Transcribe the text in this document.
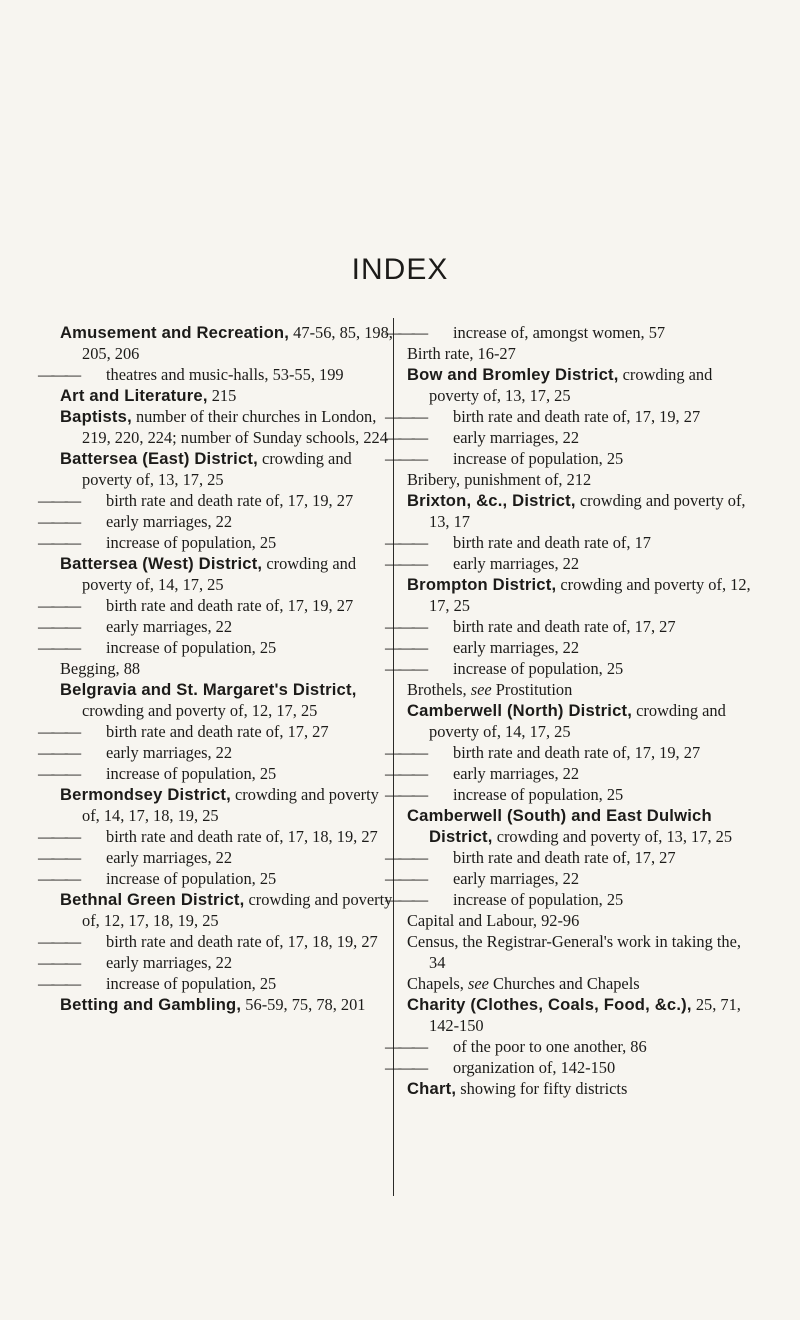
INDEX
Amusement and Recreation, 47-56, 85, 198, 205, 206
———theatres and music-halls, 53-55, 199
Art and Literature, 215
Baptists, number of their churches in London, 219, 220, 224; number of Sunday schools, 224
Battersea (East) District, crowding and poverty of, 13, 17, 25
———birth rate and death rate of, 17, 19, 27
———early marriages, 22
———increase of population, 25
Battersea (West) District, crowding and poverty of, 14, 17, 25
———birth rate and death rate of, 17, 19, 27
———early marriages, 22
———increase of population, 25
Begging, 88
Belgravia and St. Margaret's District, crowding and poverty of, 12, 17, 25
———birth rate and death rate of, 17, 27
———early marriages, 22
———increase of population, 25
Bermondsey District, crowding and poverty of, 14, 17, 18, 19, 25
———birth rate and death rate of, 17, 18, 19, 27
———early marriages, 22
———increase of population, 25
Bethnal Green District, crowding and poverty of, 12, 17, 18, 19, 25
———birth rate and death rate of, 17, 18, 19, 27
———early marriages, 22
———increase of population, 25
Betting and Gambling, 56-59, 75, 78, 201
———increase of, amongst women, 57
Birth rate, 16-27
Bow and Bromley District, crowding and poverty of, 13, 17, 25
———birth rate and death rate of, 17, 19, 27
———early marriages, 22
———increase of population, 25
Bribery, punishment of, 212
Brixton, &c., District, crowding and poverty of, 13, 17
———birth rate and death rate of, 17
———early marriages, 22
Brompton District, crowding and poverty of, 12, 17, 25
———birth rate and death rate of, 17, 27
———early marriages, 22
———increase of population, 25
Brothels, see Prostitution
Camberwell (North) District, crowding and poverty of, 14, 17, 25
———birth rate and death rate of, 17, 19, 27
———early marriages, 22
———increase of population, 25
Camberwell (South) and East Dulwich District, crowding and poverty of, 13, 17, 25
———birth rate and death rate of, 17, 27
———early marriages, 22
———increase of population, 25
Capital and Labour, 92-96
Census, the Registrar-General's work in taking the, 34
Chapels, see Churches and Chapels
Charity (Clothes, Coals, Food, &c.), 25, 71, 142-150
———of the poor to one another, 86
———organization of, 142-150
Chart, showing for fifty districts
